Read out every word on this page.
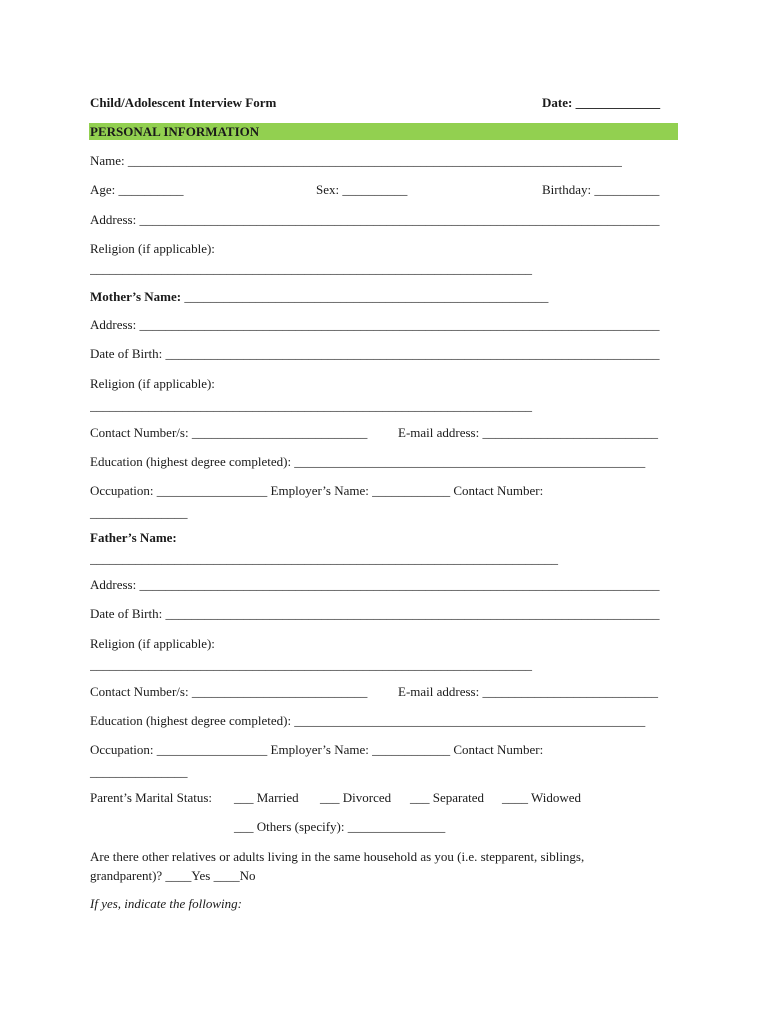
Child/Adolescent Interview Form	Date: _____________
PERSONAL INFORMATION
Name: ____________________________________________________________________________
Age: __________	Sex: __________	Birthday: __________
Address: ________________________________________________________________________________
Religion (if applicable):
____________________________________________________________________
Mother’s Name: ________________________________________________________
Address: ________________________________________________________________________________
Date of Birth: ____________________________________________________________________________
Religion (if applicable):
____________________________________________________________________
Contact Number/s: ___________________________ E-mail address: ___________________________
Education (highest degree completed): ______________________________________________________
Occupation: _________________ Employer’s Name: ____________ Contact Number:
_______________
Father’s Name:
________________________________________________________________________
Address: ________________________________________________________________________________
Date of Birth: ____________________________________________________________________________
Religion (if applicable):
____________________________________________________________________
Contact Number/s: ___________________________ E-mail address: ___________________________
Education (highest degree completed): ______________________________________________________
Occupation: _________________ Employer’s Name: ____________ Contact Number:
_______________
Parent’s Marital Status: ___ Married ___ Divorced ___ Separated ____ Widowed
___ Others (specify): _______________
Are there other relatives or adults living in the same household as you (i.e. stepparent, siblings,
grandparent)? ____Yes ____No
If yes, indicate the following:
